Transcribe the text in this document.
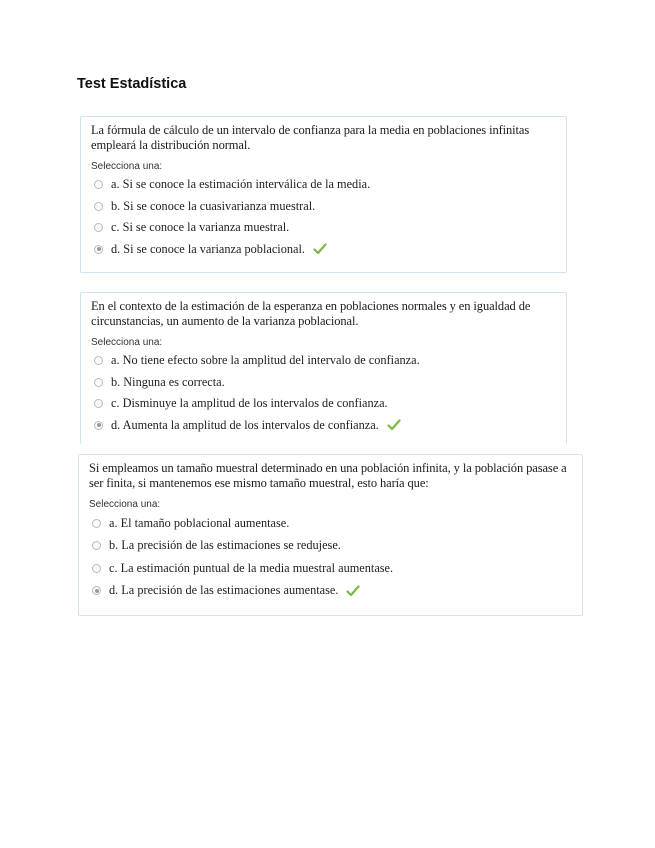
Test Estadística

La fórmula de cálculo de un intervalo de confianza para la media en poblaciones infinitas empleará la distribución normal.

Selecciona una:
a. Si se conoce la estimación interválica de la media.
b. Si se conoce la cuasivarianza muestral.
c. Si se conoce la varianza muestral.
d. Si se conoce la varianza poblacional.

En el contexto de la estimación de la esperanza en poblaciones normales y en igualdad de circunstancias, un aumento de la varianza poblacional.

Selecciona una:
a. No tiene efecto sobre la amplitud del intervalo de confianza.
b. Ninguna es correcta.
c. Disminuye la amplitud de los intervalos de confianza.
d. Aumenta la amplitud de los intervalos de confianza.

Si empleamos un tamaño muestral determinado en una población infinita, y la población pasase a ser finita, si mantenemos ese mismo tamaño muestral, esto haría que:

Selecciona una:
a. El tamaño poblacional aumentase.
b. La precisión de las estimaciones se redujese.
c. La estimación puntual de la media muestral aumentase.
d. La precisión de las estimaciones aumentase.
